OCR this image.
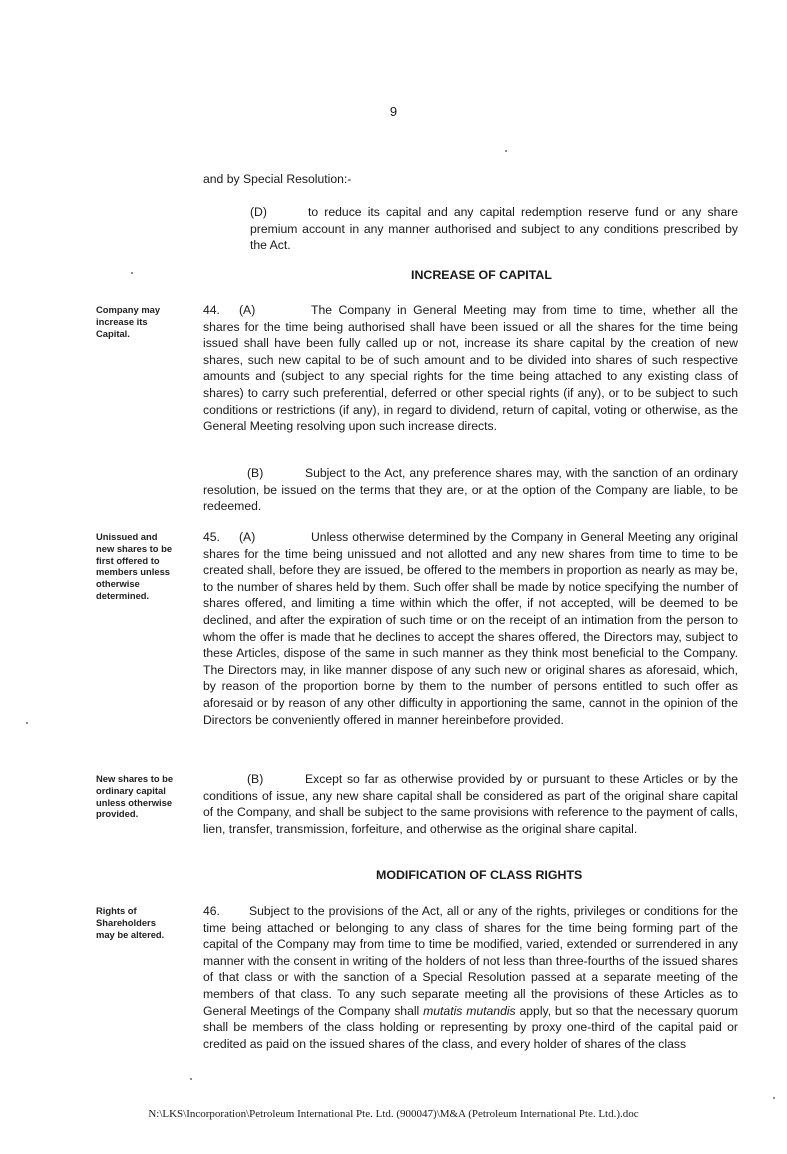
9
and by Special Resolution:-
(D)	to reduce its capital and any capital redemption reserve fund or any share premium account in any manner authorised and subject to any conditions prescribed by the Act.
INCREASE OF CAPITAL
Company may increase its Capital.
44. (A)	The Company in General Meeting may from time to time, whether all the shares for the time being authorised shall have been issued or all the shares for the time being issued shall have been fully called up or not, increase its share capital by the creation of new shares, such new capital to be of such amount and to be divided into shares of such respective amounts and (subject to any special rights for the time being attached to any existing class of shares) to carry such preferential, deferred or other special rights (if any), or to be subject to such conditions or restrictions (if any), in regard to dividend, return of capital, voting or otherwise, as the General Meeting resolving upon such increase directs.
(B)	Subject to the Act, any preference shares may, with the sanction of an ordinary resolution, be issued on the terms that they are, or at the option of the Company are liable, to be redeemed.
Unissued and new shares to be first offered to members unless otherwise determined.
45. (A)	Unless otherwise determined by the Company in General Meeting any original shares for the time being unissued and not allotted and any new shares from time to time to be created shall, before they are issued, be offered to the members in proportion as nearly as may be, to the number of shares held by them. Such offer shall be made by notice specifying the number of shares offered, and limiting a time within which the offer, if not accepted, will be deemed to be declined, and after the expiration of such time or on the receipt of an intimation from the person to whom the offer is made that he declines to accept the shares offered, the Directors may, subject to these Articles, dispose of the same in such manner as they think most beneficial to the Company. The Directors may, in like manner dispose of any such new or original shares as aforesaid, which, by reason of the proportion borne by them to the number of persons entitled to such offer as aforesaid or by reason of any other difficulty in apportioning the same, cannot in the opinion of the Directors be conveniently offered in manner hereinbefore provided.
New shares to be ordinary capital unless otherwise provided.
(B)	Except so far as otherwise provided by or pursuant to these Articles or by the conditions of issue, any new share capital shall be considered as part of the original share capital of the Company, and shall be subject to the same provisions with reference to the payment of calls, lien, transfer, transmission, forfeiture, and otherwise as the original share capital.
MODIFICATION OF CLASS RIGHTS
Rights of Shareholders may be altered.
46. Subject to the provisions of the Act, all or any of the rights, privileges or conditions for the time being attached or belonging to any class of shares for the time being forming part of the capital of the Company may from time to time be modified, varied, extended or surrendered in any manner with the consent in writing of the holders of not less than three-fourths of the issued shares of that class or with the sanction of a Special Resolution passed at a separate meeting of the members of that class. To any such separate meeting all the provisions of these Articles as to General Meetings of the Company shall mutatis mutandis apply, but so that the necessary quorum shall be members of the class holding or representing by proxy one-third of the capital paid or credited as paid on the issued shares of the class, and every holder of shares of the class
N:\LKS\Incorporation\Petroleum International Pte. Ltd. (900047)\M&A (Petroleum International Pte. Ltd.).doc
